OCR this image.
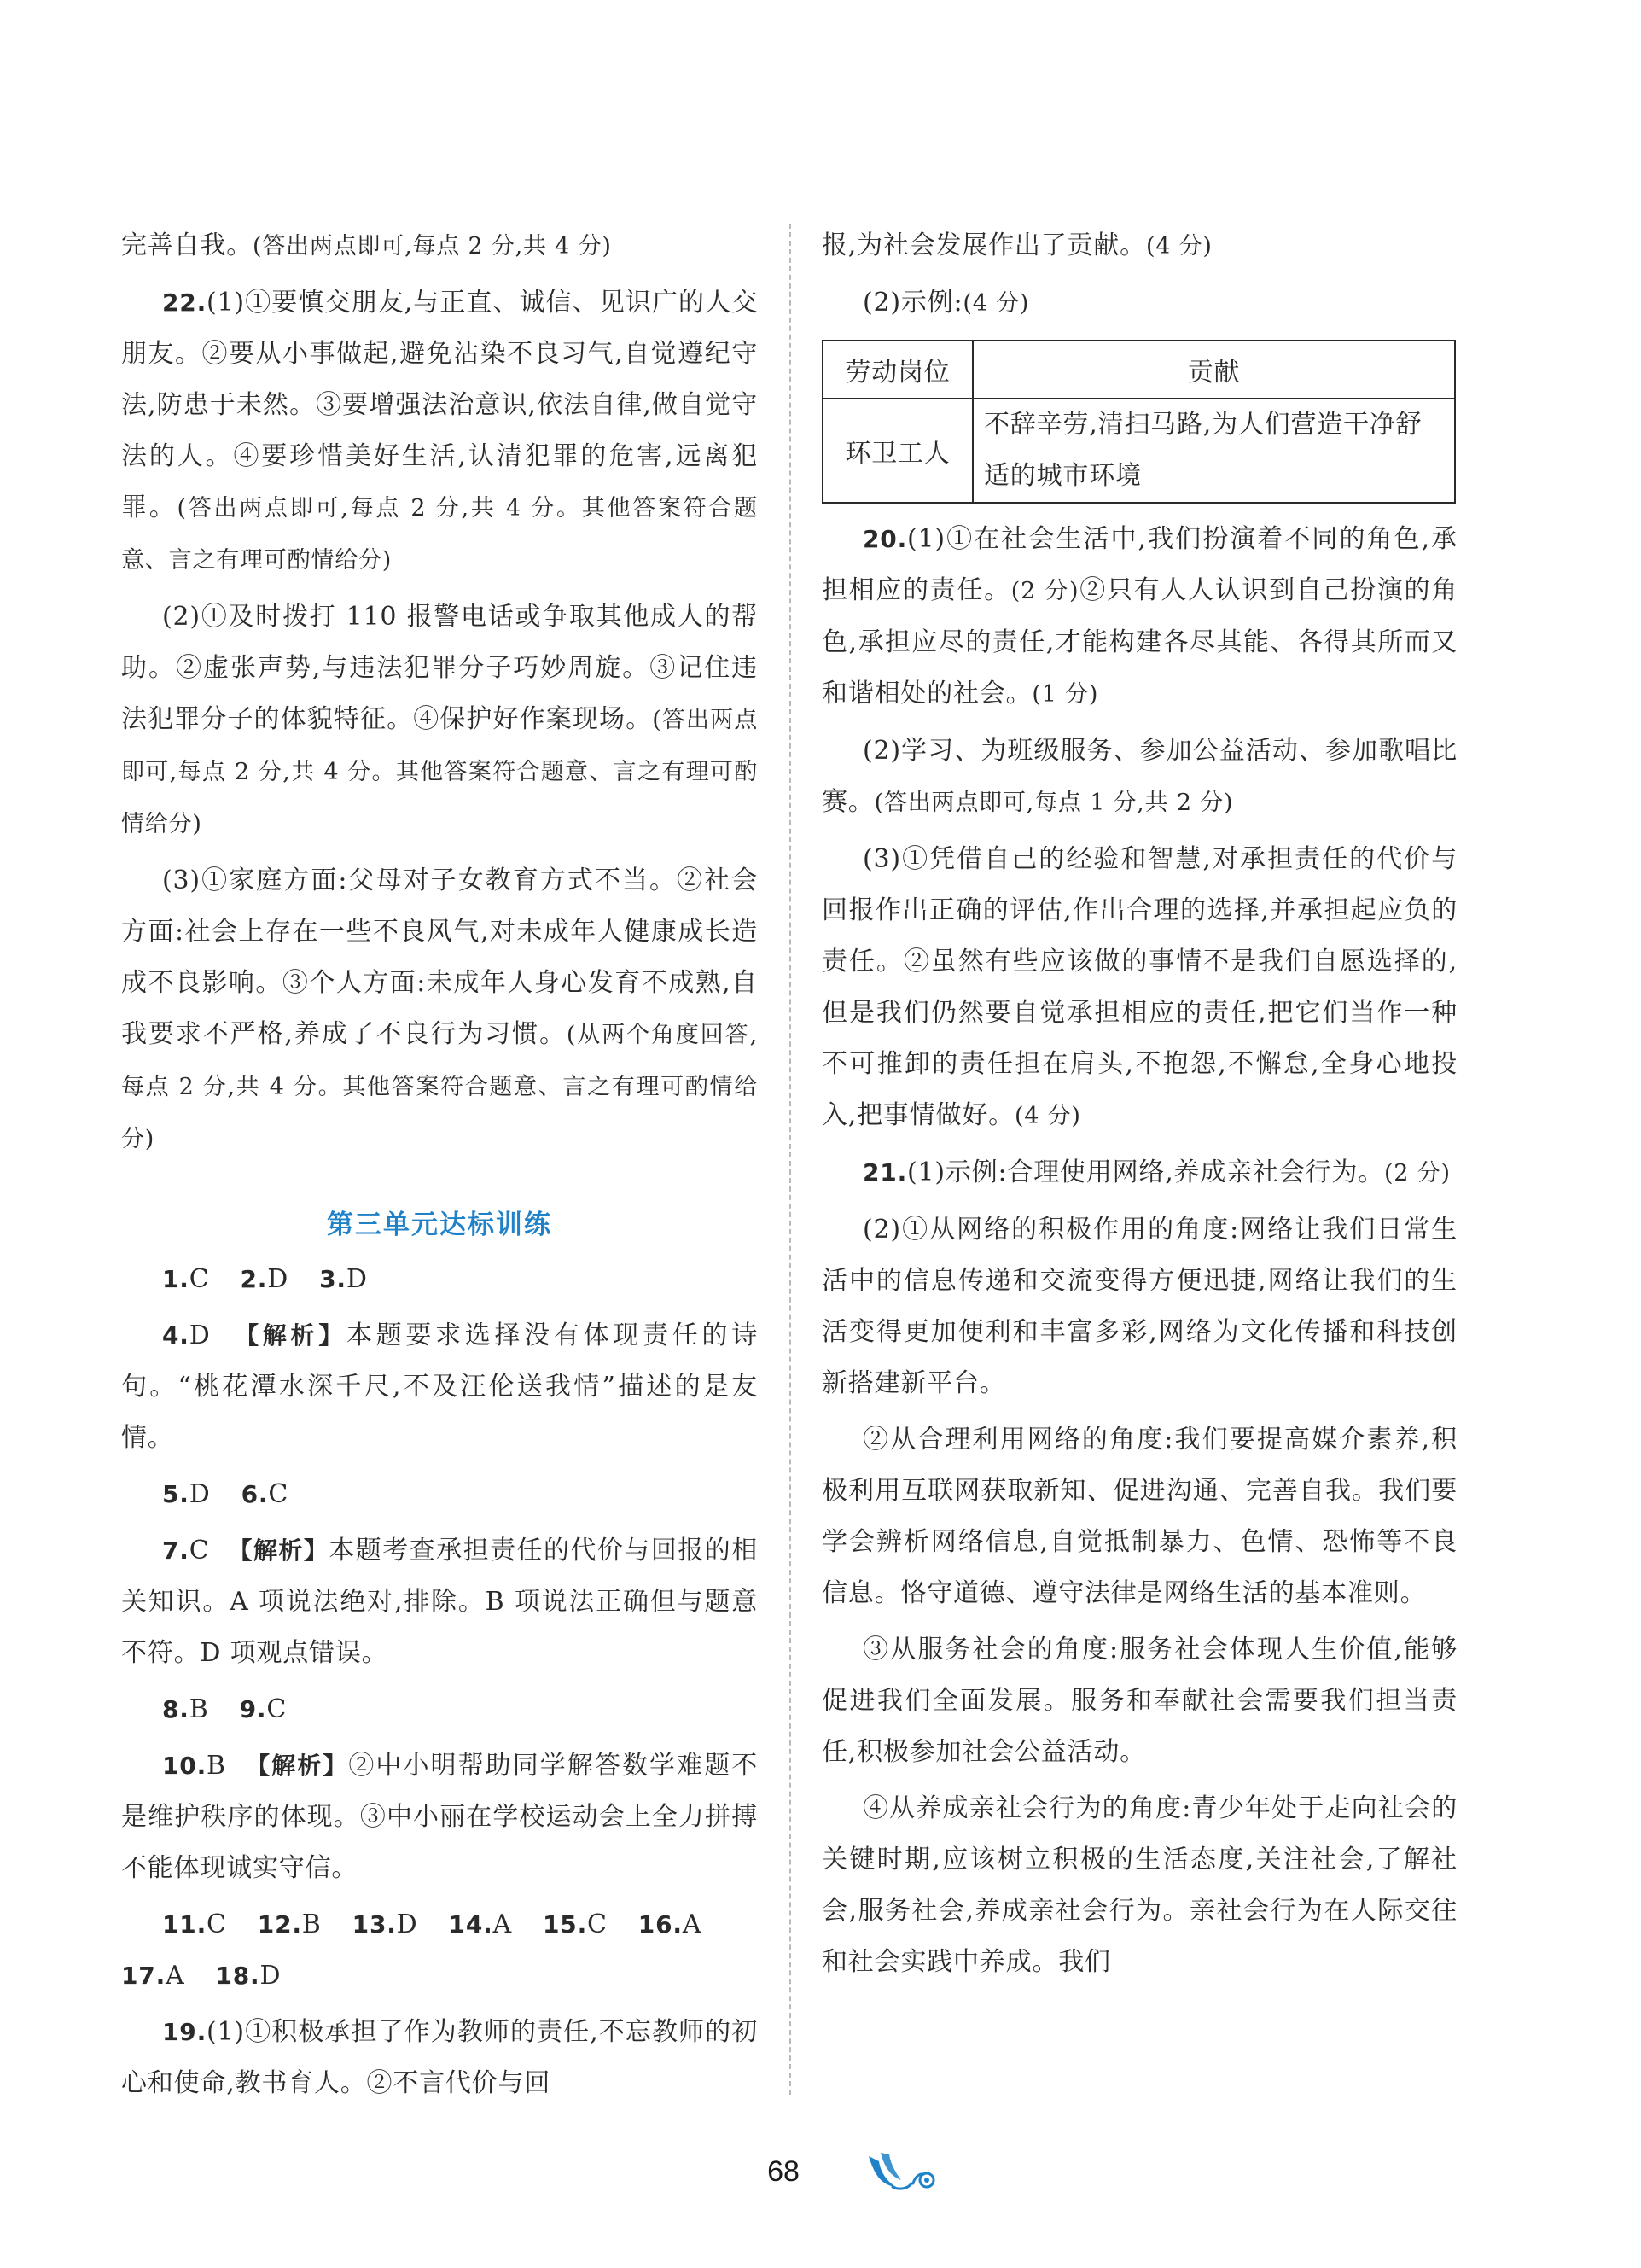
完善自我。(答出两点即可,每点 2 分,共 4 分)

22.(1)①要慎交朋友,与正直、诚信、见识广的人交朋友。②要从小事做起,避免沾染不良习气,自觉遵纪守法,防患于未然。③要增强法治意识,依法自律,做自觉守法的人。④要珍惜美好生活,认清犯罪的危害,远离犯罪。(答出两点即可,每点 2 分,共 4 分。其他答案符合题意、言之有理可酌情给分)

(2)①及时拨打 110 报警电话或争取其他成人的帮助。②虚张声势,与违法犯罪分子巧妙周旋。③记住违法犯罪分子的体貌特征。④保护好作案现场。(答出两点即可,每点 2 分,共 4 分。其他答案符合题意、言之有理可酌情给分)

(3)①家庭方面:父母对子女教育方式不当。②社会方面:社会上存在一些不良风气,对未成年人健康成长造成不良影响。③个人方面:未成年人身心发育不成熟,自我要求不严格,养成了不良行为习惯。(从两个角度回答,每点 2 分,共 4 分。其他答案符合题意、言之有理可酌情给分)

第三单元达标训练

1.C 2.D 3.D

4.D 【解析】本题要求选择没有体现责任的诗句。“桃花潭水深千尺,不及汪伦送我情”描述的是友情。

5.D 6.C

7.C 【解析】本题考查承担责任的代价与回报的相关知识。A 项说法绝对,排除。B 项说法正确但与题意不符。D 项观点错误。

8.B 9.C

10.B 【解析】②中小明帮助同学解答数学难题不是维护秩序的体现。③中小丽在学校运动会上全力拼搏不能体现诚实守信。

11.C 12.B 13.D 14.A 15.C 16.A

17.A 18.D

19.(1)①积极承担了作为教师的责任,不忘教师的初心和使命,教书育人。②不言代价与回

报,为社会发展作出了贡献。(4 分)

(2)示例:(4 分)

劳动岗位	贡献
环卫工人	不辞辛劳,清扫马路,为人们营造干净舒适的城市环境

20.(1)①在社会生活中,我们扮演着不同的角色,承担相应的责任。(2 分)②只有人人认识到自己扮演的角色,承担应尽的责任,才能构建各尽其能、各得其所而又和谐相处的社会。(1 分)

(2)学习、为班级服务、参加公益活动、参加歌唱比赛。(答出两点即可,每点 1 分,共 2 分)

(3)①凭借自己的经验和智慧,对承担责任的代价与回报作出正确的评估,作出合理的选择,并承担起应负的责任。②虽然有些应该做的事情不是我们自愿选择的,但是我们仍然要自觉承担相应的责任,把它们当作一种不可推卸的责任担在肩头,不抱怨,不懈怠,全身心地投入,把事情做好。(4 分)

21.(1)示例:合理使用网络,养成亲社会行为。(2 分)

(2)①从网络的积极作用的角度:网络让我们日常生活中的信息传递和交流变得方便迅捷,网络让我们的生活变得更加便利和丰富多彩,网络为文化传播和科技创新搭建新平台。

②从合理利用网络的角度:我们要提高媒介素养,积极利用互联网获取新知、促进沟通、完善自我。我们要学会辨析网络信息,自觉抵制暴力、色情、恐怖等不良信息。恪守道德、遵守法律是网络生活的基本准则。

③从服务社会的角度:服务社会体现人生价值,能够促进我们全面发展。服务和奉献社会需要我们担当责任,积极参加社会公益活动。

④从养成亲社会行为的角度:青少年处于走向社会的关键时期,应该树立积极的生活态度,关注社会,了解社会,服务社会,养成亲社会行为。亲社会行为在人际交往和社会实践中养成。我们

68
